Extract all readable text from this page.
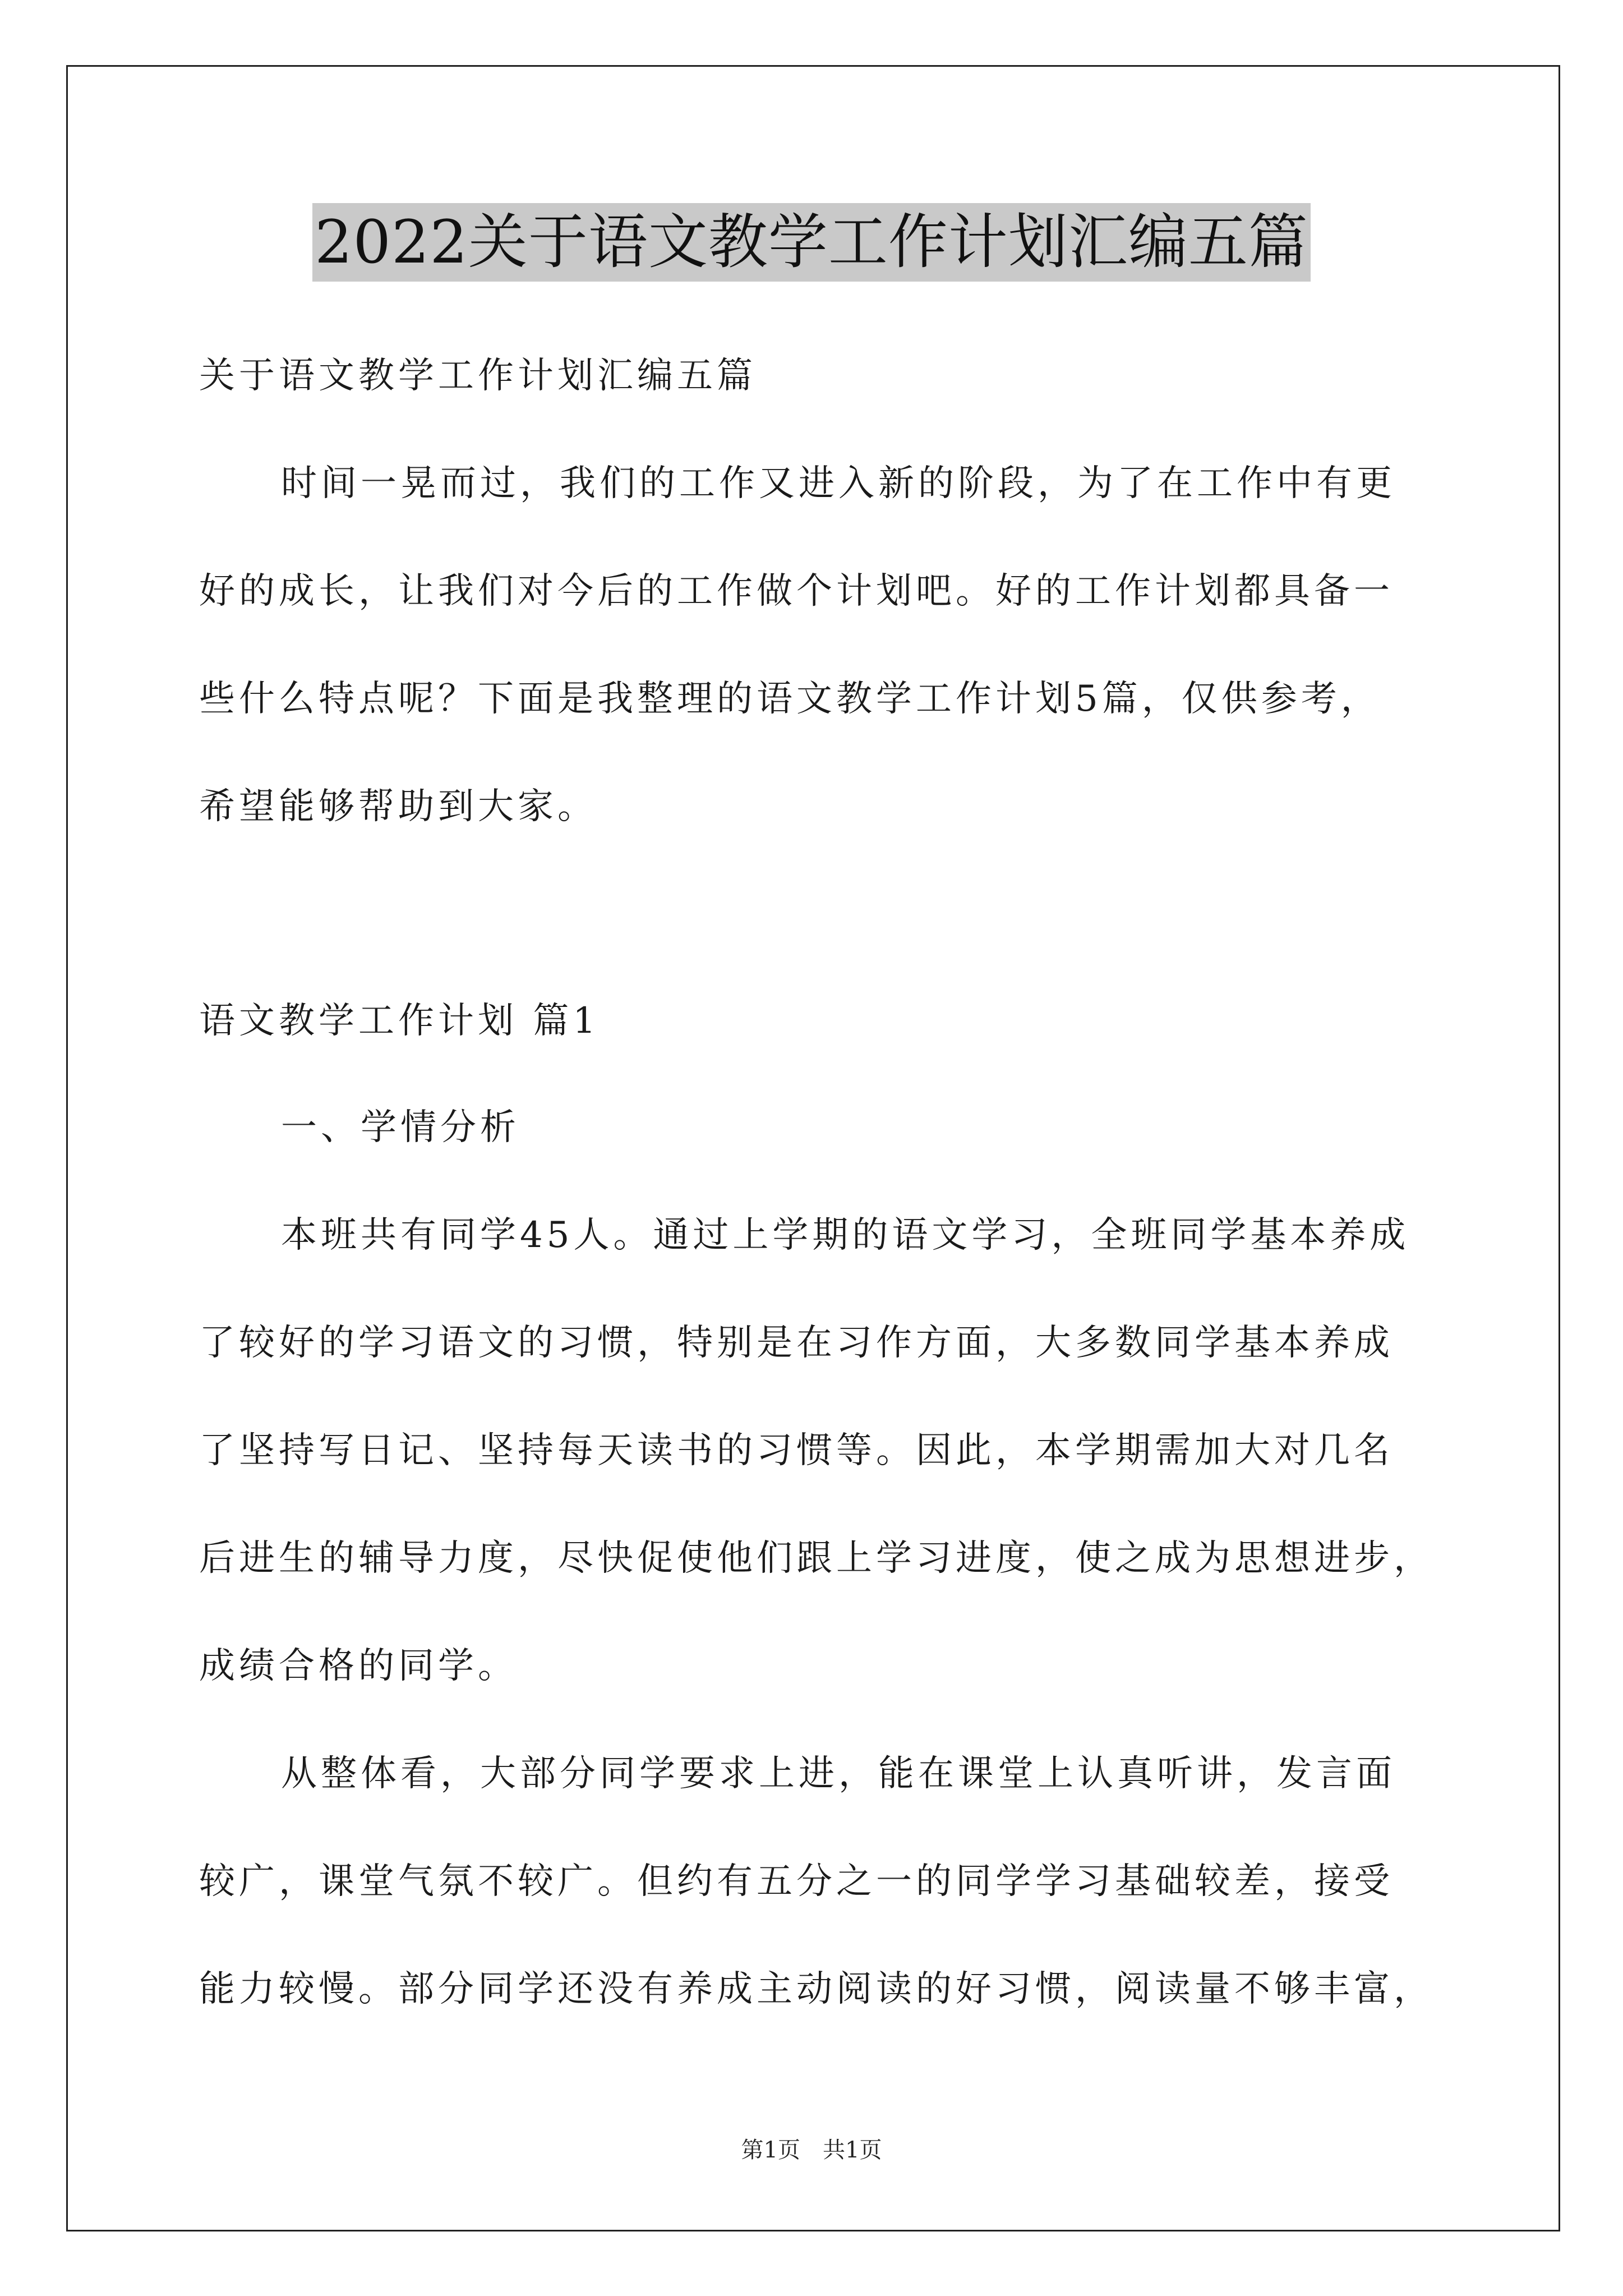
2022关于语文教学工作计划汇编五篇
关于语文教学工作计划汇编五篇
时间一晃而过，我们的工作又进入新的阶段，为了在工作中有更
好的成长，让我们对今后的工作做个计划吧。好的工作计划都具备一
些什么特点呢？下面是我整理的语文教学工作计划5篇，仅供参考，
希望能够帮助到大家。
语文教学工作计划 篇1
一、学情分析
本班共有同学45人。通过上学期的语文学习，全班同学基本养成
了较好的学习语文的习惯，特别是在习作方面，大多数同学基本养成
了坚持写日记、坚持每天读书的习惯等。因此，本学期需加大对几名
后进生的辅导力度，尽快促使他们跟上学习进度，使之成为思想进步，
成绩合格的同学。
从整体看，大部分同学要求上进，能在课堂上认真听讲，发言面
较广，课堂气氛不较广。但约有五分之一的同学学习基础较差，接受
能力较慢。部分同学还没有养成主动阅读的好习惯，阅读量不够丰富，
第1页　共1页
